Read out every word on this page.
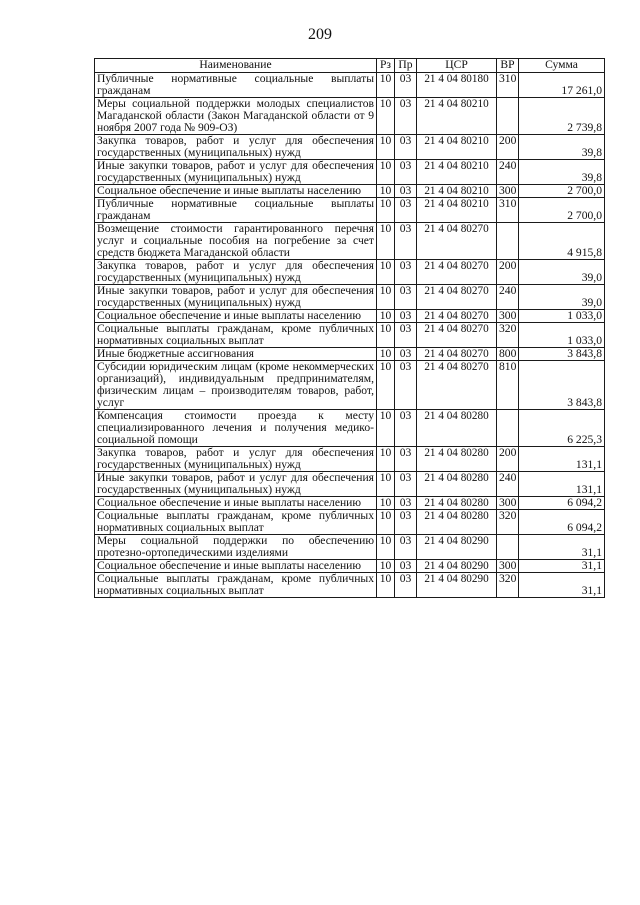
209
Наименование	Рз	Пр	ЦСР	ВР	Сумма
Публичные нормативные социальные выплаты гражданам	10	03	21 4 04 80180	310	17 261,0
Меры социальной поддержки молодых специалистов Магаданской области (Закон Магаданской области от 9 ноября 2007 года № 909-ОЗ)	10	03	21 4 04 80210		2 739,8
Закупка товаров, работ и услуг для обеспечения государственных (муниципальных) нужд	10	03	21 4 04 80210	200	39,8
Иные закупки товаров, работ и услуг для обеспечения государственных (муниципальных) нужд	10	03	21 4 04 80210	240	39,8
Социальное обеспечение и иные выплаты населению	10	03	21 4 04 80210	300	2 700,0
Публичные нормативные социальные выплаты гражданам	10	03	21 4 04 80210	310	2 700,0
Возмещение стоимости гарантированного перечня услуг и социальные пособия на погребение за счет средств бюджета Магаданской области	10	03	21 4 04 80270		4 915,8
Закупка товаров, работ и услуг для обеспечения государственных (муниципальных) нужд	10	03	21 4 04 80270	200	39,0
Иные закупки товаров, работ и услуг для обеспечения государственных (муниципальных) нужд	10	03	21 4 04 80270	240	39,0
Социальное обеспечение и иные выплаты населению	10	03	21 4 04 80270	300	1 033,0
Социальные выплаты гражданам, кроме публичных нормативных социальных выплат	10	03	21 4 04 80270	320	1 033,0
Иные бюджетные ассигнования	10	03	21 4 04 80270	800	3 843,8
Субсидии юридическим лицам (кроме некоммерческих организаций), индивидуальным предпринимателям, физическим лицам – производителям товаров, работ, услуг	10	03	21 4 04 80270	810	3 843,8
Компенсация стоимости проезда к месту специализированного лечения и получения медико-социальной помощи	10	03	21 4 04 80280		6 225,3
Закупка товаров, работ и услуг для обеспечения государственных (муниципальных) нужд	10	03	21 4 04 80280	200	131,1
Иные закупки товаров, работ и услуг для обеспечения государственных (муниципальных) нужд	10	03	21 4 04 80280	240	131,1
Социальное обеспечение и иные выплаты населению	10	03	21 4 04 80280	300	6 094,2
Социальные выплаты гражданам, кроме публичных нормативных социальных выплат	10	03	21 4 04 80280	320	6 094,2
Меры социальной поддержки по обеспечению протезно-ортопедическими изделиями	10	03	21 4 04 80290		31,1
Социальное обеспечение и иные выплаты населению	10	03	21 4 04 80290	300	31,1
Социальные выплаты гражданам, кроме публичных нормативных социальных выплат	10	03	21 4 04 80290	320	31,1
